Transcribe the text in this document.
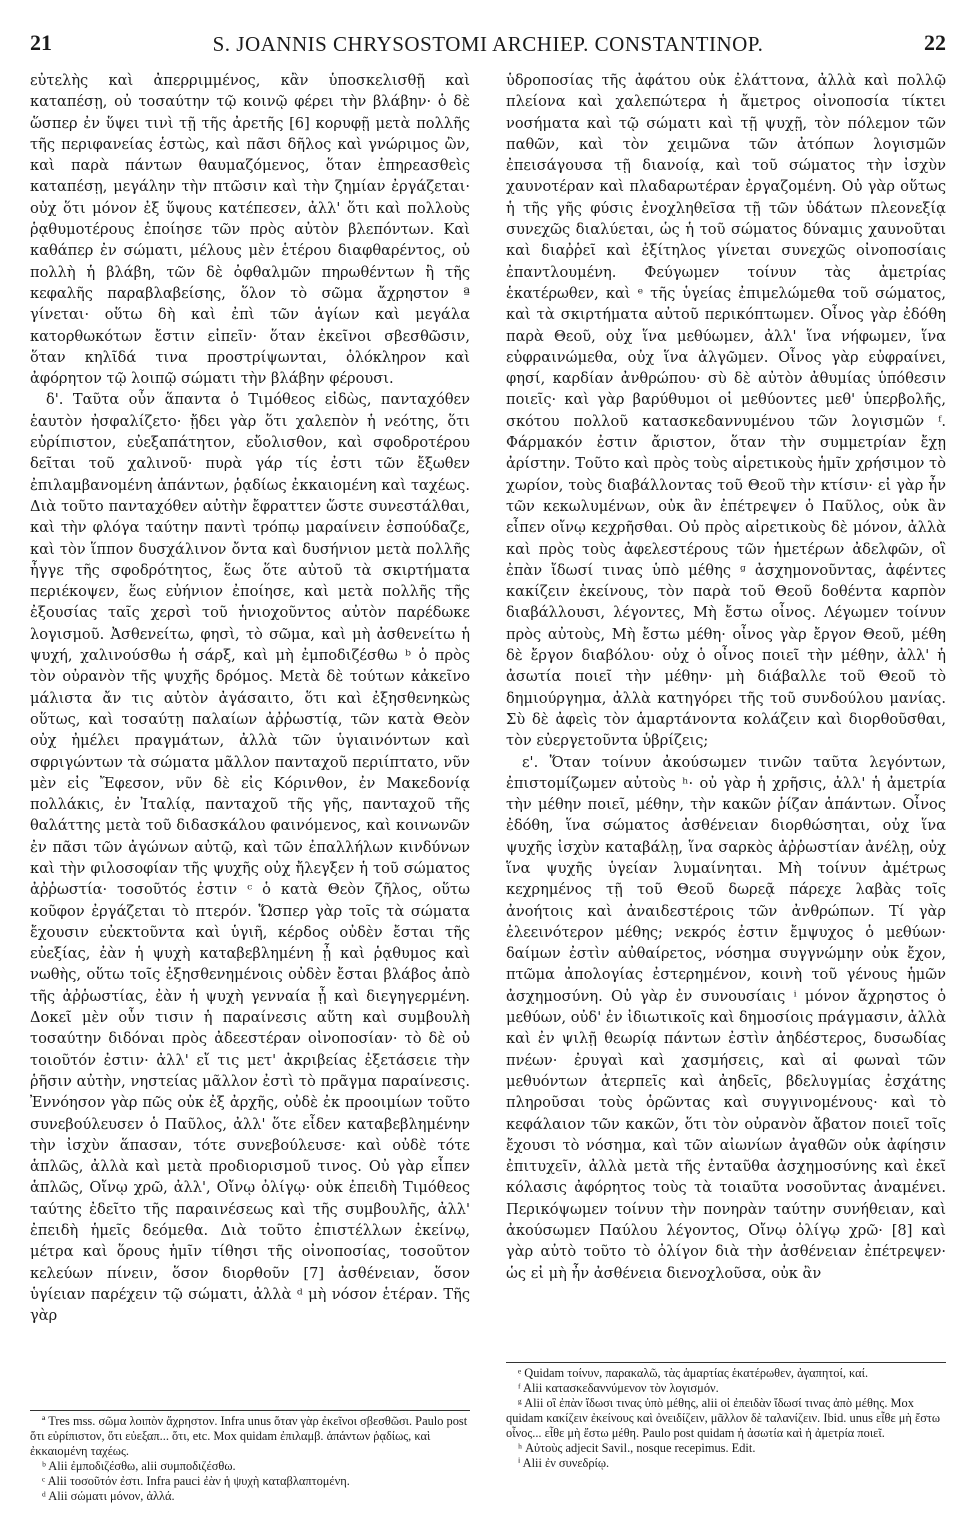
21	S. JOANNIS CHRYSOSTOMI ARCHIEP. CONSTANTINOP.	22

εὐτελὴς καὶ ἀπερριμμένος, κἂν ὑποσκελισθῇ καὶ καταπέσῃ, οὐ τοσαύτην τῷ κοινῷ φέρει τὴν βλάβην· ὁ δὲ ὥσπερ ἐν ὕψει τινὶ τῇ τῆς ἀρετῆς [6] κορυφῇ μετὰ πολλῆς τῆς περιφανείας ἑστὼς, καὶ πᾶσι δῆλος καὶ γνώριμος ὢν, καὶ παρὰ πάντων θαυμαζόμενος, ὅταν ἐπηρεασθεὶς καταπέσῃ, μεγάλην τὴν πτῶσιν καὶ τὴν ζημίαν ἐργάζεται· οὐχ ὅτι μόνον ἐξ ὕψους κατέπεσεν, ἀλλ' ὅτι καὶ πολλοὺς ῥᾳθυμοτέρους ἐποίησε τῶν πρὸς αὐτὸν βλεπόντων. Καὶ καθάπερ ἐν σώματι, μέλους μὲν ἑτέρου διαφθαρέντος, οὐ πολλὴ ἡ βλάβη, τῶν δὲ ὀφθαλμῶν πηρωθέντων ἢ τῆς κεφαλῆς παραβλαβείσης, ὅλον τὸ σῶμα ἄχρηστον ª γίνεται· οὕτω δὴ καὶ ἐπὶ τῶν ἁγίων καὶ μεγάλα κατορθωκότων ἔστιν εἰπεῖν· ὅταν ἐκεῖνοι σβεσθῶσιν, ὅταν κηλῖδά τινα προστρίψωνται, ὁλόκληρον καὶ ἀφόρητον τῷ λοιπῷ σώματι τὴν βλάβην φέρουσι.

δ'. Ταῦτα οὖν ἅπαντα ὁ Τιμόθεος εἰδὼς, πανταχόθεν ἑαυτὸν ἠσφαλίζετο· ᾔδει γὰρ ὅτι χαλεπὸν ἡ νεότης, ὅτι εὐρίπιστον, εὐεξαπάτητον, εὔολισθον, καὶ σφοδροτέρου δεῖται τοῦ χαλινοῦ· πυρὰ γάρ τίς ἐστι τῶν ἔξωθεν ἐπιλαμβανομένη ἁπάντων, ῥᾳδίως ἐκκαιομένη καὶ ταχέως. Διὰ τοῦτο πανταχόθεν αὐτὴν ἔφραττεν ὥστε συνεστάλθαι, καὶ τὴν φλόγα ταύτην παντὶ τρόπῳ μαραίνειν ἐσπούδαζε, καὶ τὸν ἵππον δυσχάλινον ὄντα καὶ δυσήνιον μετὰ πολλῆς ἦγγε τῆς σφοδρότητος, ἕως ὅτε αὐτοῦ τὰ σκιρτήματα περιέκοψεν, ἕως εὐήνιον ἐποίησε, καὶ μετὰ πολλῆς τῆς ἐξουσίας ταῖς χερσὶ τοῦ ἡνιοχοῦντος αὐτὸν παρέδωκε λογισμοῦ. Ἀσθενείτω, φησὶ, τὸ σῶμα, καὶ μὴ ἀσθενείτω ἡ ψυχή, χαλινούσθω ἡ σάρξ, καὶ μὴ ἐμποδιζέσθω ᵇ ὁ πρὸς τὸν οὐρανὸν τῆς ψυχῆς δρόμος. Μετὰ δὲ τούτων κἀκεῖνο μάλιστα ἄν τις αὐτὸν ἀγάσαιτο, ὅτι καὶ ἐξησθενηκὼς οὕτως, καὶ τοσαύτῃ παλαίων ἀῤῥωστίᾳ, τῶν κατὰ Θεὸν οὐχ ἠμέλει πραγμάτων, ἀλλὰ τῶν ὑγιαινόντων καὶ σφριγώντων τὰ σώματα μᾶλλον πανταχοῦ περιίπτατο, νῦν μὲν εἰς Ἔφεσον, νῦν δὲ εἰς Κόρινθον, ἐν Μακεδονίᾳ πολλάκις, ἐν Ἰταλίᾳ, πανταχοῦ τῆς γῆς, πανταχοῦ τῆς θαλάττης μετὰ τοῦ διδασκάλου φαινόμενος, καὶ κοινωνῶν ἐν πᾶσι τῶν ἀγώνων αὐτῷ, καὶ τῶν ἐπαλλήλων κινδύνων καὶ τὴν φιλοσοφίαν τῆς ψυχῆς οὐχ ἤλεγξεν ἡ τοῦ σώματος ἀῤῥωστία· τοσοῦτός ἐστιν ᶜ ὁ κατὰ Θεὸν ζῆλος, οὕτω κοῦφον ἐργάζεται τὸ πτερόν. Ὥσπερ γὰρ τοῖς τὰ σώματα ἔχουσιν εὐεκτοῦντα καὶ ὑγιῆ, κέρδος οὐδὲν ἔσται τῆς εὐεξίας, ἐὰν ἡ ψυχὴ καταβεβλημένη ᾖ καὶ ῥᾳθυμος καὶ νωθὴς, οὕτω τοῖς ἐξησθενημένοις οὐδὲν ἔσται βλάβος ἀπὸ τῆς ἀῤῥωστίας, ἐὰν ἡ ψυχὴ γενναία ᾖ καὶ διεγηγερμένη. Δοκεῖ μὲν οὖν τισιν ἡ παραίνεσις αὕτη καὶ συμβουλὴ τοσαύτην διδόναι πρὸς ἀδεεστέραν οἰνοποσίαν· τὸ δὲ οὐ τοιοῦτόν ἐστιν· ἀλλ' εἴ τις μετ' ἀκριβείας ἐξετάσειε τὴν ῥῆσιν αὐτὴν, νηστείας μᾶλλον ἐστὶ τὸ πρᾶγμα παραίνεσις. Ἐννόησον γὰρ πῶς οὐκ ἐξ ἀρχῆς, οὐδὲ ἐκ προοιμίων τοῦτο συνεβούλευσεν ὁ Παῦλος, ἀλλ' ὅτε εἶδεν καταβεβλημένην τὴν ἰσχὺν ἅπασαν, τότε συνεβούλευσε· καὶ οὐδὲ τότε ἁπλῶς, ἀλλὰ καὶ μετὰ προδιορισμοῦ τινος. Οὐ γὰρ εἶπεν ἁπλῶς, Οἴνῳ χρῶ, ἀλλ', Οἴνῳ ὀλίγῳ· οὐκ ἐπειδὴ Τιμόθεος ταύτης ἐδεῖτο τῆς παραινέσεως καὶ τῆς συμβουλῆς, ἀλλ' ἐπειδὴ ἡμεῖς δεόμεθα. Διὰ τοῦτο ἐπιστέλλων ἐκείνῳ, μέτρα καὶ ὅρους ἡμῖν τίθησι τῆς οἰνοποσίας, τοσοῦτον κελεύων πίνειν, ὅσον διορθοῦν [7] ἀσθένειαν, ὅσον ὑγίειαν παρέχειν τῷ σώματι, ἀλλὰ ᵈ μὴ νόσον ἑτέραν. Τῆς γὰρ

ὑδροποσίας τῆς ἀφάτου οὐκ ἐλάττονα, ἀλλὰ καὶ πολλῷ πλείονα καὶ χαλεπώτερα ἡ ἄμετρος οἰνοποσία τίκτει νοσήματα καὶ τῷ σώματι καὶ τῇ ψυχῇ, τὸν πόλεμον τῶν παθῶν, καὶ τὸν χειμῶνα τῶν ἀτόπων λογισμῶν ἐπεισάγουσα τῇ διανοίᾳ, καὶ τοῦ σώματος τὴν ἰσχὺν χαυνοτέραν καὶ πλαδαρωτέραν ἐργαζομένη. Οὐ γὰρ οὕτως ἡ τῆς γῆς φύσις ἐνοχληθεῖσα τῇ τῶν ὑδάτων πλεονεξίᾳ συνεχῶς διαλύεται, ὡς ἡ τοῦ σώματος δύναμις χαυνοῦται καὶ διαῤῥεῖ καὶ ἐξίτηλος γίνεται συνεχῶς οἰνοποσίαις ἐπαντλουμένη. Φεύγωμεν τοίνυν τὰς ἀμετρίας ἑκατέρωθεν, καὶ ᵉ τῆς ὑγείας ἐπιμελώμεθα τοῦ σώματος, καὶ τὰ σκιρτήματα αὐτοῦ περικόπτωμεν. Οἶνος γὰρ ἐδόθη παρὰ Θεοῦ, οὐχ ἵνα μεθύωμεν, ἀλλ' ἵνα νήφωμεν, ἵνα εὐφραινώμεθα, οὐχ ἵνα ἀλγῶμεν. Οἶνος γὰρ εὐφραίνει, φησί, καρδίαν ἀνθρώπου· σὺ δὲ αὐτὸν ἀθυμίας ὑπόθεσιν ποιεῖς· καὶ γὰρ βαρύθυμοι οἱ μεθύοντες μεθ' ὑπερβολῆς, σκότου πολλοῦ κατασκεδαννυμένου τῶν λογισμῶν ᶠ. Φάρμακόν ἐστιν ἄριστον, ὅταν τὴν συμμετρίαν ἔχῃ ἀρίστην. Τοῦτο καὶ πρὸς τοὺς αἱρετικοὺς ἡμῖν χρήσιμον τὸ χωρίον, τοὺς διαβάλλοντας τοῦ Θεοῦ τὴν κτίσιν· εἰ γὰρ ἦν τῶν κεκωλυμένων, οὐκ ἂν ἐπέτρεψεν ὁ Παῦλος, οὐκ ἂν εἶπεν οἴνῳ κεχρῆσθαι. Οὐ πρὸς αἱρετικοὺς δὲ μόνον, ἀλλὰ καὶ πρὸς τοὺς ἀφελεστέρους τῶν ἡμετέρων ἀδελφῶν, οἳ ἐπὰν ἴδωσί τινας ὑπὸ μέθης ᵍ ἀσχημονοῦντας, ἀφέντες κακίζειν ἐκείνους, τὸν παρὰ τοῦ Θεοῦ δοθέντα καρπὸν διαβάλλουσι, λέγοντες, Μὴ ἔστω οἶνος. Λέγωμεν τοίνυν πρὸς αὐτοὺς, Μὴ ἔστω μέθη· οἶνος γὰρ ἔργον Θεοῦ, μέθη δὲ ἔργον διαβόλου· οὐχ ὁ οἶνος ποιεῖ τὴν μέθην, ἀλλ' ἡ ἀσωτία ποιεῖ τὴν μέθην· μὴ διάβαλλε τοῦ Θεοῦ τὸ δημιούργημα, ἀλλὰ κατηγόρει τῆς τοῦ συνδούλου μανίας. Σὺ δὲ ἀφεὶς τὸν ἁμαρτάνοντα κολάζειν καὶ διορθοῦσθαι, τὸν εὐεργετοῦντα ὑβρίζεις;

ε'. Ὅταν τοίνυν ἀκούσωμεν τινῶν ταῦτα λεγόντων, ἐπιστομίζωμεν αὐτοὺς ʰ· οὐ γὰρ ἡ χρῆσις, ἀλλ' ἡ ἀμετρία τὴν μέθην ποιεῖ, μέθην, τὴν κακῶν ῥίζαν ἁπάντων. Οἶνος ἐδόθη, ἵνα σώματος ἀσθένειαν διορθώσηται, οὐχ ἵνα ψυχῆς ἰσχὺν καταβάλῃ, ἵνα σαρκὸς ἀῤῥωστίαν ἀνέλῃ, οὐχ ἵνα ψυχῆς ὑγείαν λυμαίνηται. Μὴ τοίνυν ἀμέτρως κεχρημένος τῇ τοῦ Θεοῦ δωρεᾷ πάρεχε λαβὰς τοῖς ἀνοήτοις καὶ ἀναιδεστέροις τῶν ἀνθρώπων. Τί γὰρ ἐλεεινότερον μέθης; νεκρός ἐστιν ἔμψυχος ὁ μεθύων· δαίμων ἐστὶν αὐθαίρετος, νόσημα συγγνώμην οὐκ ἔχον, πτῶμα ἀπολογίας ἐστερημένον, κοινὴ τοῦ γένους ἡμῶν ἀσχημοσύνη. Οὐ γὰρ ἐν συνουσίαις ⁱ μόνον ἄχρηστος ὁ μεθύων, οὐδ' ἐν ἰδιωτικοῖς καὶ δημοσίοις πράγμασιν, ἀλλὰ καὶ ἐν ψιλῇ θεωρίᾳ πάντων ἐστὶν ἀηδέστερος, δυσωδίας πνέων· ἐρυγαὶ καὶ χασμήσεις, καὶ αἱ φωναὶ τῶν μεθυόντων ἀτερπεῖς καὶ ἀηδεῖς, βδελυγμίας ἐσχάτης πληροῦσαι τοὺς ὁρῶντας καὶ συγγινομένους· καὶ τὸ κεφάλαιον τῶν κακῶν, ὅτι τὸν οὐρανὸν ἄβατον ποιεῖ τοῖς ἔχουσι τὸ νόσημα, καὶ τῶν αἰωνίων ἀγαθῶν οὐκ ἀφίησιν ἐπιτυχεῖν, ἀλλὰ μετὰ τῆς ἐνταῦθα ἀσχημοσύνης καὶ ἐκεῖ κόλασις ἀφόρητος τοὺς τὰ τοιαῦτα νοσοῦντας ἀναμένει. Περικόψωμεν τοίνυν τὴν πονηρὰν ταύτην συνήθειαν, καὶ ἀκούσωμεν Παύλου λέγοντος, Οἴνῳ ὀλίγῳ χρῶ· [8] καὶ γὰρ αὐτὸ τοῦτο τὸ ὀλίγον διὰ τὴν ἀσθένειαν ἐπέτρεψεν· ὡς εἰ μὴ ἦν ἀσθένεια διενοχλοῦσα, οὐκ ἂν

ª Tres mss. σῶμα λοιπὸν ἄχρηστον. Infra unus ὅταν γὰρ ἐκεῖνοι σβεσθῶσι. Paulo post ὅτι εὐρίπιστον, ὅτι εὐεξαπ... ὅτι, etc. Mox quidam ἐπιλαμβ. ἁπάντων ῥᾳδίως, καὶ ἐκκαιομένη ταχέως.

ᵇ Alii ἐμποδιζέσθω, alii συμποδιζέσθω.

ᶜ Alii τοσοῦτόν ἐστι. Infra pauci ἐὰν ἡ ψυχὴ καταβλαπτομένη.

ᵈ Alii σώματι μόνον, ἀλλά.

ᵉ Quidam τοίνυν, παρακαλῶ, τὰς ἁμαρτίας ἑκατέρωθεν, ἀγαπητοί, καί.

ᶠ Alii κατασκεδαννύμενον τὸν λογισμόν.

ᵍ Alii οἳ ἐπὰν ἴδωσι τινας ὑπὸ μέθης, alii οἱ ἐπειδὰν ἴδωσί τινας ἀπὸ μέθης. Mox quidam κακίζειν ἐκείνους καὶ ὀνειδίζειν, μᾶλλον δὲ ταλανίζειν. Ibid. unus εἶθε μὴ ἔστω οἶνος... εἶθε μὴ ἔστω μέθη. Paulo post quidam ἡ ἀσωτία καὶ ἡ ἀμετρία ποιεῖ.

ʰ Αὐτοὺς adjecit Savil., nosque recepimus. Edit.

ⁱ Alii ἐν συνεδρίῳ.
